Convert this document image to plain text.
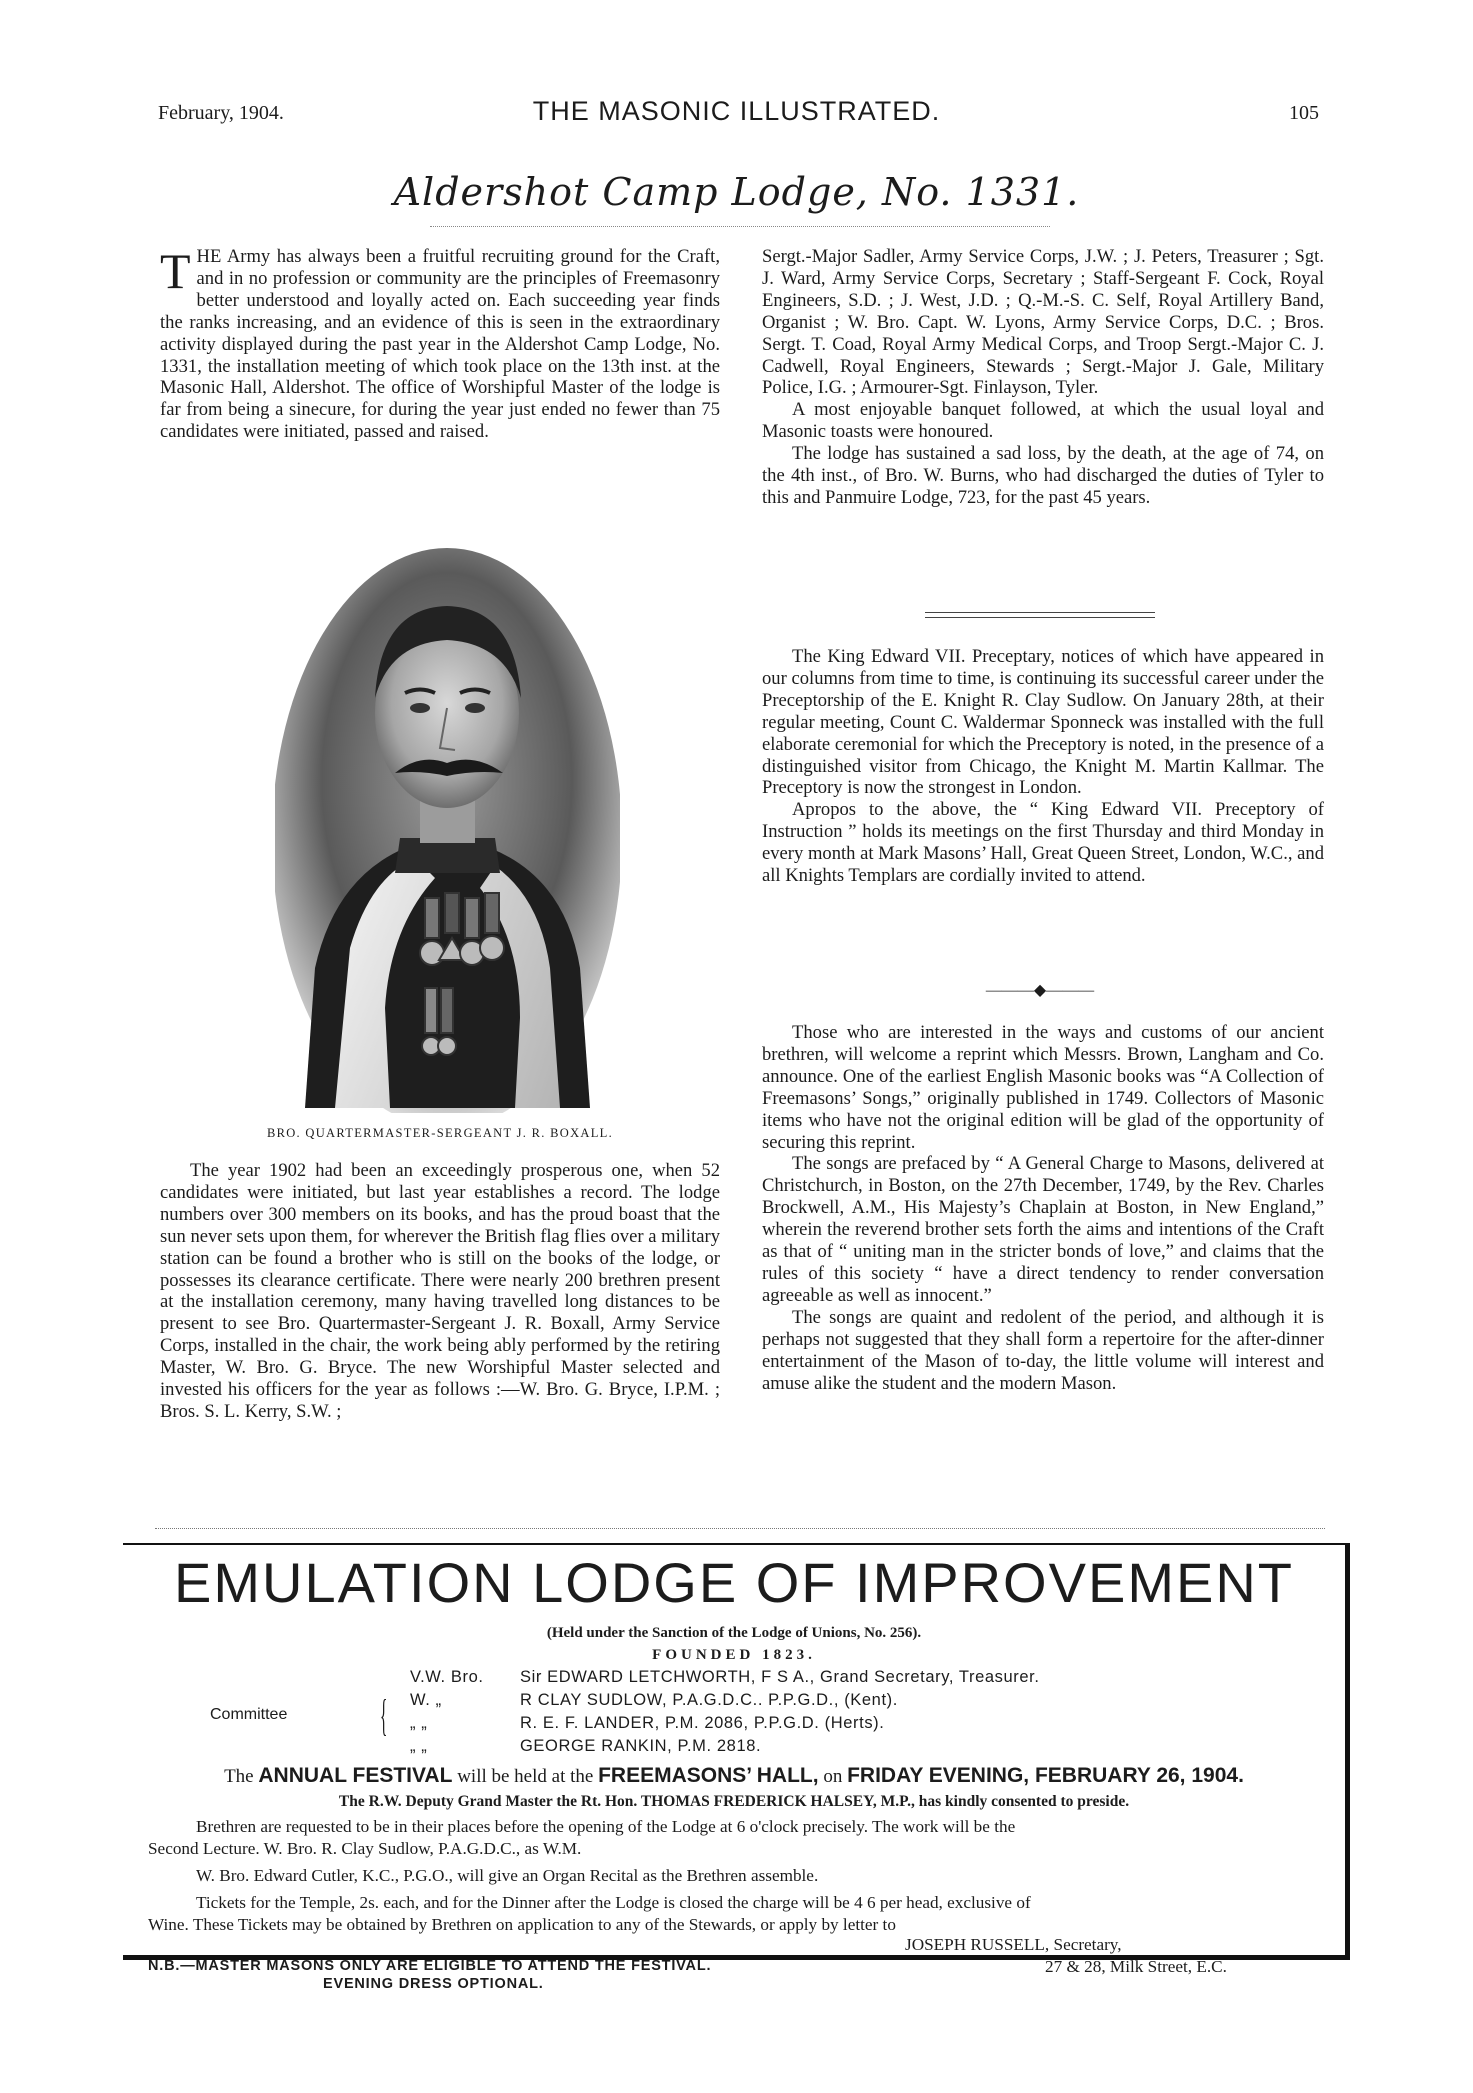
February, 1904.	THE MASONIC ILLUSTRATED.	105
Aldershot Camp Lodge, No. 1331.

THE Army has always been a fruitful recruiting ground for the Craft, and in no profession or community are the principles of Freemasonry better understood and loyally acted on. Each succeeding year finds the ranks increasing, and an evidence of this is seen in the extraordinary activity displayed during the past year in the Aldershot Camp Lodge, No. 1331, the installation meeting of which took place on the 13th inst. at the Masonic Hall, Aldershot. The office of Worshipful Master of the lodge is far from being a sinecure, for during the year just ended no fewer than 75 candidates were initiated, passed and raised.

BRO. QUARTERMASTER-SERGEANT J. R. BOXALL.

The year 1902 had been an exceedingly prosperous one, when 52 candidates were initiated, but last year establishes a record. The lodge numbers over 300 members on its books, and has the proud boast that the sun never sets upon them, for wherever the British flag flies over a military station can be found a brother who is still on the books of the lodge, or possesses its clearance certificate. There were nearly 200 brethren present at the installation ceremony, many having travelled long distances to be present to see Bro. Quartermaster-Sergeant J. R. Boxall, Army Service Corps, installed in the chair, the work being ably performed by the retiring Master, W. Bro. G. Bryce. The new Worshipful Master selected and invested his officers for the year as follows :—W. Bro. G. Bryce, I.P.M. ; Bros. S. L. Kerry, S.W. ;

Sergt.-Major Sadler, Army Service Corps, J.W. ; J. Peters, Treasurer ; Sgt. J. Ward, Army Service Corps, Secretary ; Staff-Sergeant F. Cock, Royal Engineers, S.D. ; J. West, J.D. ; Q.-M.-S. C. Self, Royal Artillery Band, Organist ; W. Bro. Capt. W. Lyons, Army Service Corps, D.C. ; Bros. Sergt. T. Coad, Royal Army Medical Corps, and Troop Sergt.-Major C. J. Cadwell, Royal Engineers, Stewards ; Sergt.-Major J. Gale, Military Police, I.G. ; Armourer-Sgt. Finlayson, Tyler.

A most enjoyable banquet followed, at which the usual loyal and Masonic toasts were honoured.

The lodge has sustained a sad loss, by the death, at the age of 74, on the 4th inst., of Bro. W. Burns, who had discharged the duties of Tyler to this and Panmuire Lodge, 723, for the past 45 years.

The King Edward VII. Preceptary, notices of which have appeared in our columns from time to time, is continuing its successful career under the Preceptorship of the E. Knight R. Clay Sudlow. On January 28th, at their regular meeting, Count C. Waldermar Sponneck was installed with the full elaborate ceremonial for which the Preceptory is noted, in the presence of a distinguished visitor from Chicago, the Knight M. Martin Kallmar. The Preceptory is now the strongest in London.

Apropos to the above, the “ King Edward VII. Preceptory of Instruction ” holds its meetings on the first Thursday and third Monday in every month at Mark Masons’ Hall, Great Queen Street, London, W.C., and all Knights Templars are cordially invited to attend.

———◆———

Those who are interested in the ways and customs of our ancient brethren, will welcome a reprint which Messrs. Brown, Langham and Co. announce. One of the earliest English Masonic books was “A Collection of Freemasons’ Songs,” originally published in 1749. Collectors of Masonic items who have not the original edition will be glad of the opportunity of securing this reprint.

The songs are prefaced by “ A General Charge to Masons, delivered at Christchurch, in Boston, on the 27th December, 1749, by the Rev. Charles Brockwell, A.M., His Majesty’s Chaplain at Boston, in New England,” wherein the reverend brother sets forth the aims and intentions of the Craft as that of “ uniting man in the stricter bonds of love,” and claims that the rules of this society “ have a direct tendency to render conversation agreeable as well as innocent.”

The songs are quaint and redolent of the period, and although it is perhaps not suggested that they shall form a repertoire for the after-dinner entertainment of the Mason of to-day, the little volume will interest and amuse alike the student and the modern Mason.

EMULATION LODGE OF IMPROVEMENT
(Held under the Sanction of the Lodge of Unions, No. 256).
FOUNDED 1823.
Committee {
V.W. Bro. Sir EDWARD LETCHWORTH, F S A., Grand Secretary, Treasurer.
W. „	R CLAY SUDLOW, P.A.G.D.C.. P.P.G.D., (Kent).
„ „	R. E. F. LANDER, P.M. 2086, P.P.G.D. (Herts).
„ „	GEORGE RANKIN, P.M. 2818.
The ANNUAL FESTIVAL will be held at the FREEMASONS’ HALL, on FRIDAY EVENING, FEBRUARY 26, 1904.
The R.W. Deputy Grand Master the Rt. Hon. THOMAS FREDERICK HALSEY, M.P., has kindly consented to preside.
Brethren are requested to be in their places before the opening of the Lodge at 6 o'clock precisely. The work will be the
Second Lecture. W. Bro. R. Clay Sudlow, P.A.G.D.C., as W.M.
W. Bro. Edward Cutler, K.C., P.G.O., will give an Organ Recital as the Brethren assemble.
Tickets for the Temple, 2s. each, and for the Dinner after the Lodge is closed the charge will be 4 6 per head, exclusive of
Wine. These Tickets may be obtained by Brethren on application to any of the Stewards, or apply by letter to
JOSEPH RUSSELL, Secretary,
27 & 28, Milk Street, E.C.
N.B.—MASTER MASONS ONLY ARE ELIGIBLE TO ATTEND THE FESTIVAL.
EVENING DRESS OPTIONAL.
